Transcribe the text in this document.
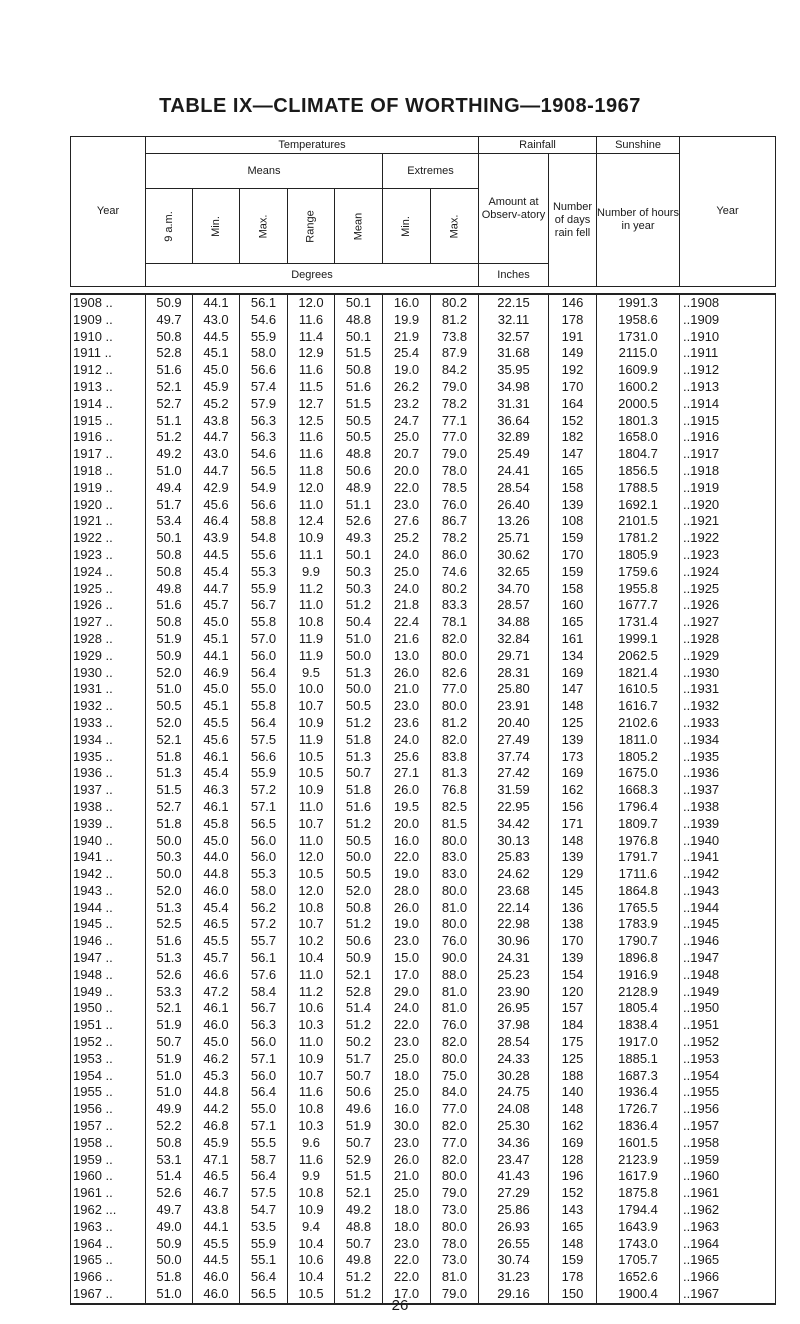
TABLE IX—CLIMATE OF WORTHING—1908-1967
Year	Temperatures							Rainfall		Sunshine	Year
	Means					Extremes		Amount at Observ-atory	Number of days rain fell	Number of hours in year	
	9 a.m.	Min.	Max.	Range	Mean	Min.	Max.				
	Degrees							Inches			

1908 ..	50.9	44.1	56.1	12.0	50.1	16.0	80.2	22.15	146	1991.3	..1908
1909 ..	49.7	43.0	54.6	11.6	48.8	19.9	81.2	32.11	178	1958.6	..1909
1910 ..	50.8	44.5	55.9	11.4	50.1	21.9	73.8	32.57	191	1731.0	..1910
1911 ..	52.8	45.1	58.0	12.9	51.5	25.4	87.9	31.68	149	2115.0	..1911
1912 ..	51.6	45.0	56.6	11.6	50.8	19.0	84.2	35.95	192	1609.9	..1912
1913 ..	52.1	45.9	57.4	11.5	51.6	26.2	79.0	34.98	170	1600.2	..1913
1914 ..	52.7	45.2	57.9	12.7	51.5	23.2	78.2	31.31	164	2000.5	..1914
1915 ..	51.1	43.8	56.3	12.5	50.5	24.7	77.1	36.64	152	1801.3	..1915
1916 ..	51.2	44.7	56.3	11.6	50.5	25.0	77.0	32.89	182	1658.0	..1916
1917 ..	49.2	43.0	54.6	11.6	48.8	20.7	79.0	25.49	147	1804.7	..1917
1918 ..	51.0	44.7	56.5	11.8	50.6	20.0	78.0	24.41	165	1856.5	..1918
1919 ..	49.4	42.9	54.9	12.0	48.9	22.0	78.5	28.54	158	1788.5	..1919
1920 ..	51.7	45.6	56.6	11.0	51.1	23.0	76.0	26.40	139	1692.1	..1920
1921 ..	53.4	46.4	58.8	12.4	52.6	27.6	86.7	13.26	108	2101.5	..1921
1922 ..	50.1	43.9	54.8	10.9	49.3	25.2	78.2	25.71	159	1781.2	..1922
1923 ..	50.8	44.5	55.6	11.1	50.1	24.0	86.0	30.62	170	1805.9	..1923
1924 ..	50.8	45.4	55.3	9.9	50.3	25.0	74.6	32.65	159	1759.6	..1924
1925 ..	49.8	44.7	55.9	11.2	50.3	24.0	80.2	34.70	158	1955.8	..1925
1926 ..	51.6	45.7	56.7	11.0	51.2	21.8	83.3	28.57	160	1677.7	..1926
1927 ..	50.8	45.0	55.8	10.8	50.4	22.4	78.1	34.88	165	1731.4	..1927
1928 ..	51.9	45.1	57.0	11.9	51.0	21.6	82.0	32.84	161	1999.1	..1928
1929 ..	50.9	44.1	56.0	11.9	50.0	13.0	80.0	29.71	134	2062.5	..1929
1930 ..	52.0	46.9	56.4	9.5	51.3	26.0	82.6	28.31	169	1821.4	..1930
1931 ..	51.0	45.0	55.0	10.0	50.0	21.0	77.0	25.80	147	1610.5	..1931
1932 ..	50.5	45.1	55.8	10.7	50.5	23.0	80.0	23.91	148	1616.7	..1932
1933 ..	52.0	45.5	56.4	10.9	51.2	23.6	81.2	20.40	125	2102.6	..1933
1934 ..	52.1	45.6	57.5	11.9	51.8	24.0	82.0	27.49	139	1811.0	..1934
1935 ..	51.8	46.1	56.6	10.5	51.3	25.6	83.8	37.74	173	1805.2	..1935
1936 ..	51.3	45.4	55.9	10.5	50.7	27.1	81.3	27.42	169	1675.0	..1936
1937 ..	51.5	46.3	57.2	10.9	51.8	26.0	76.8	31.59	162	1668.3	..1937
1938 ..	52.7	46.1	57.1	11.0	51.6	19.5	82.5	22.95	156	1796.4	..1938
1939 ..	51.8	45.8	56.5	10.7	51.2	20.0	81.5	34.42	171	1809.7	..1939
1940 ..	50.0	45.0	56.0	11.0	50.5	16.0	80.0	30.13	148	1976.8	..1940
1941 ..	50.3	44.0	56.0	12.0	50.0	22.0	83.0	25.83	139	1791.7	..1941
1942 ..	50.0	44.8	55.3	10.5	50.5	19.0	83.0	24.62	129	1711.6	..1942
1943 ..	52.0	46.0	58.0	12.0	52.0	28.0	80.0	23.68	145	1864.8	..1943
1944 ..	51.3	45.4	56.2	10.8	50.8	26.0	81.0	22.14	136	1765.5	..1944
1945 ..	52.5	46.5	57.2	10.7	51.2	19.0	80.0	22.98	138	1783.9	..1945
1946 ..	51.6	45.5	55.7	10.2	50.6	23.0	76.0	30.96	170	1790.7	..1946
1947 ..	51.3	45.7	56.1	10.4	50.9	15.0	90.0	24.31	139	1896.8	..1947
1948 ..	52.6	46.6	57.6	11.0	52.1	17.0	88.0	25.23	154	1916.9	..1948
1949 ..	53.3	47.2	58.4	11.2	52.8	29.0	81.0	23.90	120	2128.9	..1949
1950 ..	52.1	46.1	56.7	10.6	51.4	24.0	81.0	26.95	157	1805.4	..1950
1951 ..	51.9	46.0	56.3	10.3	51.2	22.0	76.0	37.98	184	1838.4	..1951
1952 ..	50.7	45.0	56.0	11.0	50.2	23.0	82.0	28.54	175	1917.0	..1952
1953 ..	51.9	46.2	57.1	10.9	51.7	25.0	80.0	24.33	125	1885.1	..1953
1954 ..	51.0	45.3	56.0	10.7	50.7	18.0	75.0	30.28	188	1687.3	..1954
1955 ..	51.0	44.8	56.4	11.6	50.6	25.0	84.0	24.75	140	1936.4	..1955
1956 ..	49.9	44.2	55.0	10.8	49.6	16.0	77.0	24.08	148	1726.7	..1956
1957 ..	52.2	46.8	57.1	10.3	51.9	30.0	82.0	25.30	162	1836.4	..1957
1958 ..	50.8	45.9	55.5	9.6	50.7	23.0	77.0	34.36	169	1601.5	..1958
1959 ..	53.1	47.1	58.7	11.6	52.9	26.0	82.0	23.47	128	2123.9	..1959
1960 ..	51.4	46.5	56.4	9.9	51.5	21.0	80.0	41.43	196	1617.9	..1960
1961 ..	52.6	46.7	57.5	10.8	52.1	25.0	79.0	27.29	152	1875.8	..1961
1962 ...	49.7	43.8	54.7	10.9	49.2	18.0	73.0	25.86	143	1794.4	..1962
1963 ..	49.0	44.1	53.5	9.4	48.8	18.0	80.0	26.93	165	1643.9	..1963
1964 ..	50.9	45.5	55.9	10.4	50.7	23.0	78.0	26.55	148	1743.0	..1964
1965 ..	50.0	44.5	55.1	10.6	49.8	22.0	73.0	30.74	159	1705.7	..1965
1966 ..	51.8	46.0	56.4	10.4	51.2	22.0	81.0	31.23	178	1652.6	..1966
1967 ..	51.0	46.0	56.5	10.5	51.2	17.0	79.0	29.16	150	1900.4	..1967
26
